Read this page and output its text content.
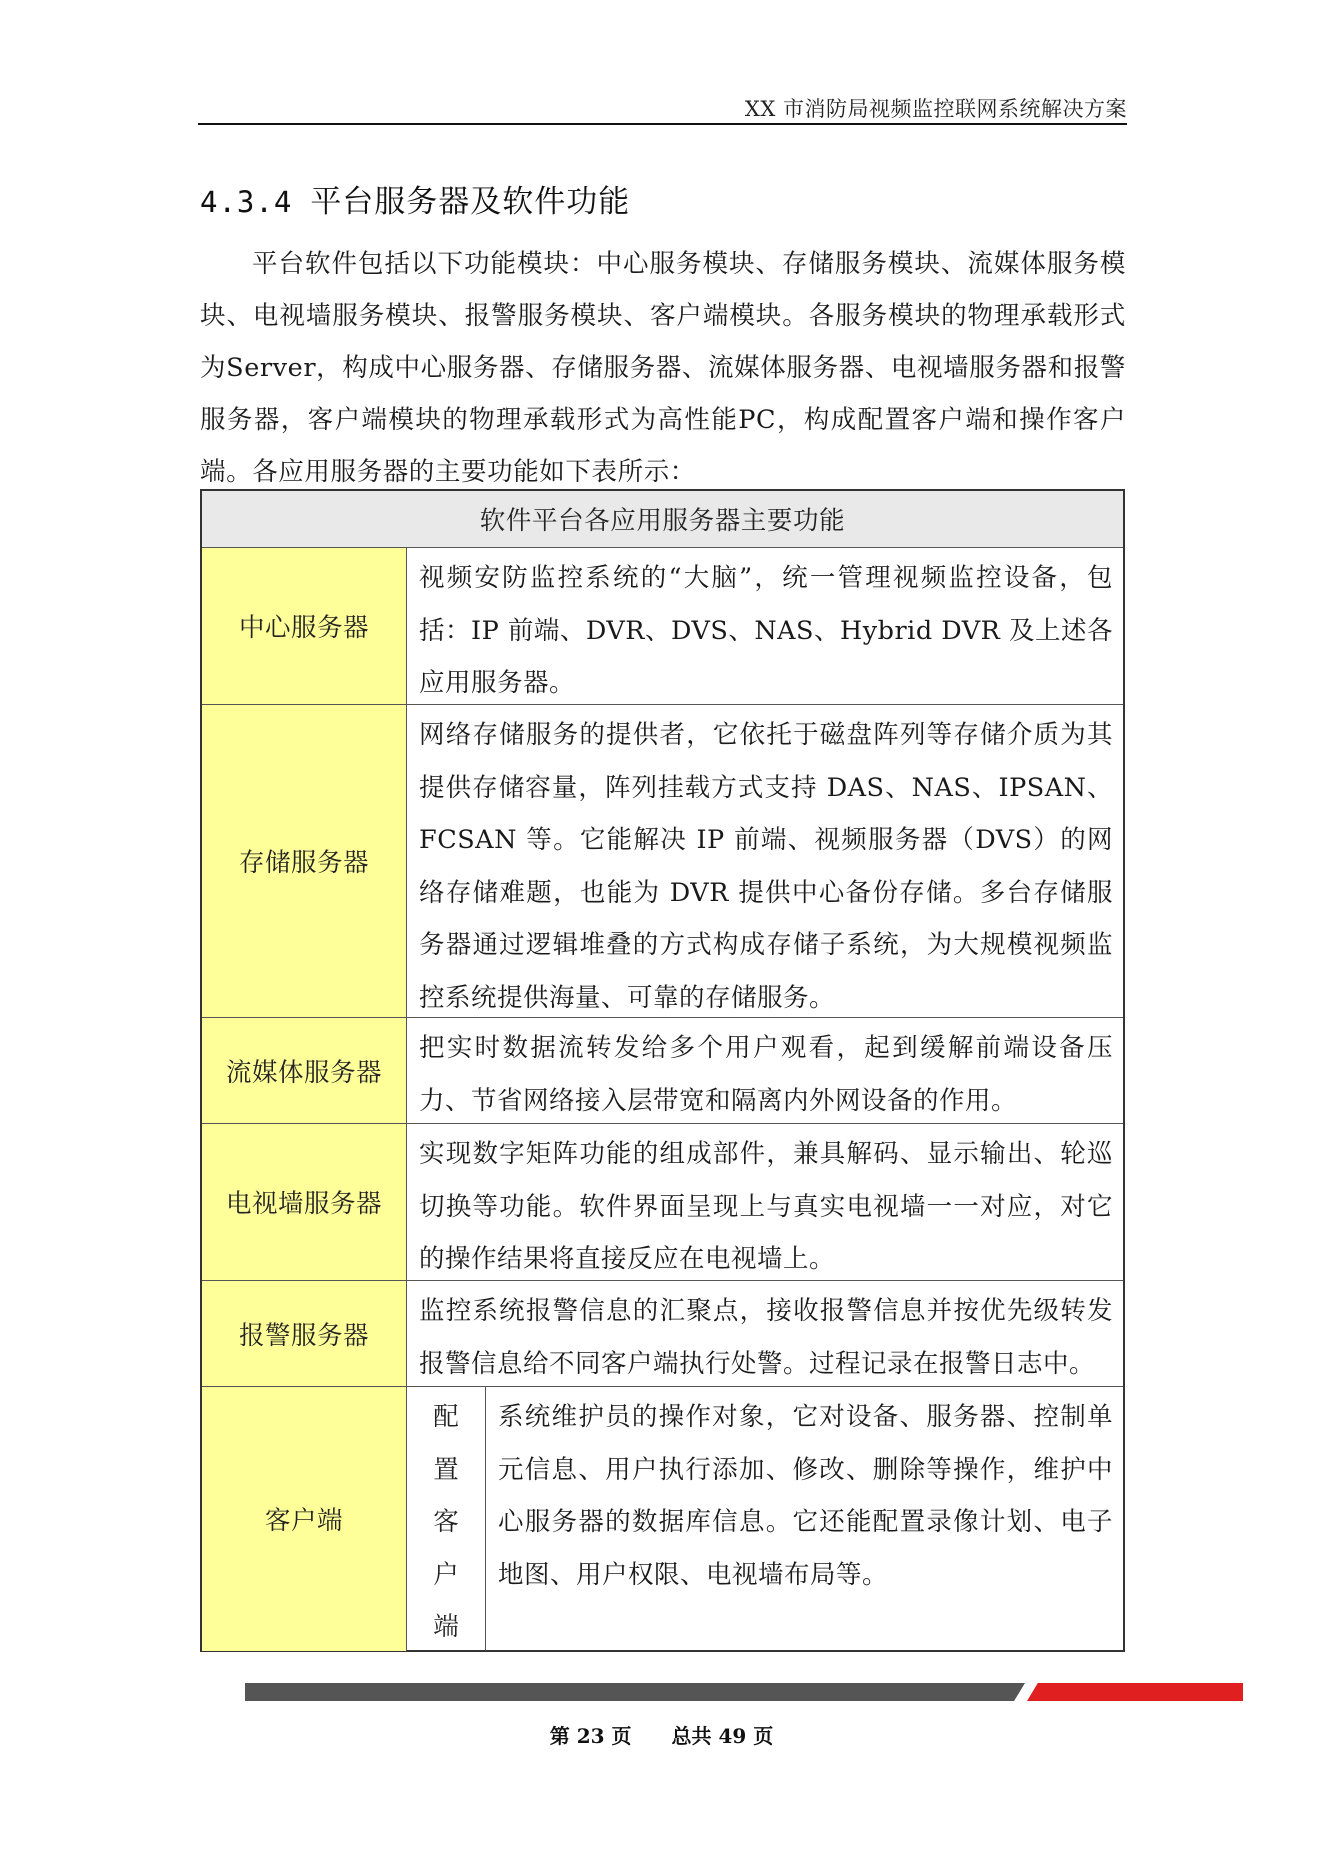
XX 市消防局视频监控联网系统解决方案
4.3.4 平台服务器及软件功能

平台软件包括以下功能模块：中心服务模块、存储服务模块、流媒体服务模块、电视墙服务模块、报警服务模块、客户端模块。各服务模块的物理承载形式为Server，构成中心服务器、存储服务器、流媒体服务器、电视墙服务器和报警服务器，客户端模块的物理承载形式为高性能PC，构成配置客户端和操作客户端。各应用服务器的主要功能如下表所示：

软件平台各应用服务器主要功能
中心服务器
视频安防监控系统的“大脑”，统一管理视频监控设备，包括：IP 前端、DVR、DVS、NAS、Hybrid DVR 及上述各应用服务器。
存储服务器
网络存储服务的提供者，它依托于磁盘阵列等存储介质为其提供存储容量，阵列挂载方式支持 DAS、NAS、IPSAN、FCSAN 等。它能解决 IP 前端、视频服务器（DVS）的网络存储难题，也能为 DVR 提供中心备份存储。多台存储服务器通过逻辑堆叠的方式构成存储子系统，为大规模视频监控系统提供海量、可靠的存储服务。
流媒体服务器
把实时数据流转发给多个用户观看，起到缓解前端设备压力、节省网络接入层带宽和隔离内外网设备的作用。
电视墙服务器
实现数字矩阵功能的组成部件，兼具解码、显示输出、轮巡切换等功能。软件界面呈现上与真实电视墙一一对应，对它的操作结果将直接反应在电视墙上。
报警服务器
监控系统报警信息的汇聚点，接收报警信息并按优先级转发报警信息给不同客户端执行处警。过程记录在报警日志中。
客户端
配
置
客
户
端
系统维护员的操作对象，它对设备、服务器、控制单元信息、用户执行添加、修改、删除等操作，维护中心服务器的数据库信息。它还能配置录像计划、电子地图、用户权限、电视墙布局等。
第 23 页 总共 49 页
